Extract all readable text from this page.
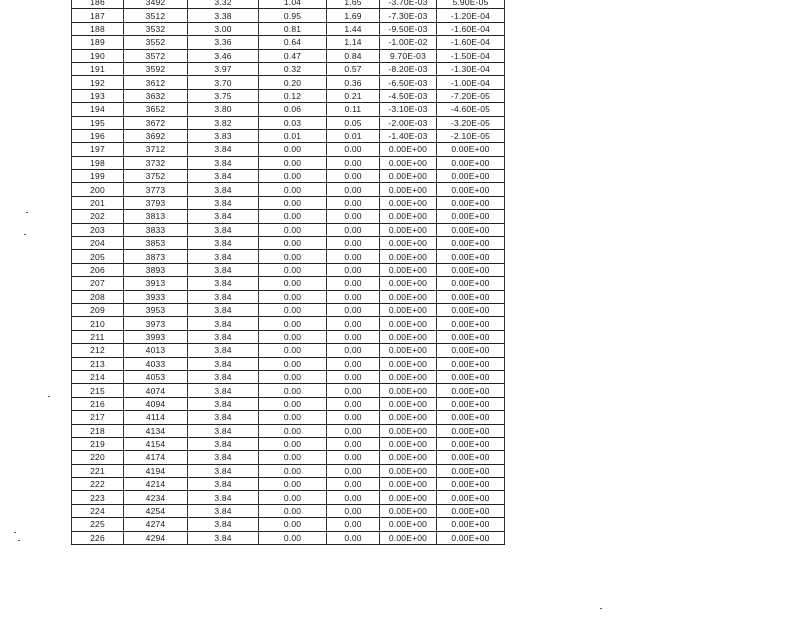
186	3492	3.32	1.04	1.65	-3.70E-03	5.90E-05
187	3512	3.38	0.95	1.69	-7.30E-03	-1.20E-04
188	3532	3.00	0.81	1.44	-9.50E-03	-1.60E-04
189	3552	3.36	0.64	1.14	-1.00E-02	-1.60E-04
190	3572	3.46	0.47	0.84	9.70E-03	-1.50E-04
191	3592	3.97	0.32	0.57	-8.20E-03	-1.30E-04
192	3612	3.70	0.20	0.36	-6.50E-03	-1.00E-04
193	3632	3.75	0.12	0.21	-4.50E-03	-7.20E-05
194	3652	3.80	0.06	0.11	-3.10E-03	-4.60E-05
195	3672	3.82	0.03	0.05	-2.00E-03	-3.20E-05
196	3692	3.83	0.01	0.01	-1.40E-03	-2.10E-05
197	3712	3.84	0.00	0.00	0.00E+00	0.00E+00
198	3732	3.84	0.00	0.00	0.00E+00	0.00E+00
199	3752	3.84	0.00	0.00	0.00E+00	0.00E+00
200	3773	3.84	0.00	0.00	0.00E+00	0.00E+00
201	3793	3.84	0.00	0.00	0.00E+00	0.00E+00
202	3813	3.84	0.00	0.00	0.00E+00	0.00E+00
203	3833	3.84	0.00	0.00	0.00E+00	0.00E+00
204	3853	3.84	0.00	0.00	0.00E+00	0.00E+00
205	3873	3.84	0.00	0.00	0.00E+00	0.00E+00
206	3893	3.84	0.00	0.00	0.00E+00	0.00E+00
207	3913	3.84	0.00	0.00	0.00E+00	0.00E+00
208	3933	3.84	0.00	0.00	0.00E+00	0.00E+00
209	3953	3.84	0.00	0.00	0.00E+00	0.00E+00
210	3973	3.84	0.00	0.00	0.00E+00	0.00E+00
211	3993	3.84	0.00	0.00	0.00E+00	0.00E+00
212	4013	3.84	0.00	0.00	0.00E+00	0.00E+00
213	4033	3.84	0.00	0.00	0.00E+00	0.00E+00
214	4053	3.84	0.00	0.00	0.00E+00	0.00E+00
215	4074	3.84	0.00	0.00	0.00E+00	0.00E+00
216	4094	3.84	0.00	0.00	0.00E+00	0.00E+00
217	4114	3.84	0.00	0.00	0.00E+00	0.00E+00
218	4134	3.84	0.00	0.00	0.00E+00	0.00E+00
219	4154	3.84	0.00	0.00	0.00E+00	0.00E+00
220	4174	3.84	0.00	0.00	0.00E+00	0.00E+00
221	4194	3.84	0.00	0.00	0.00E+00	0.00E+00
222	4214	3.84	0.00	0.00	0.00E+00	0.00E+00
223	4234	3.84	0.00	0.00	0.00E+00	0.00E+00
224	4254	3.84	0.00	0.00	0.00E+00	0.00E+00
225	4274	3.84	0.00	0.00	0.00E+00	0.00E+00
226	4294	3.84	0.00	0.00	0.00E+00	0.00E+00
